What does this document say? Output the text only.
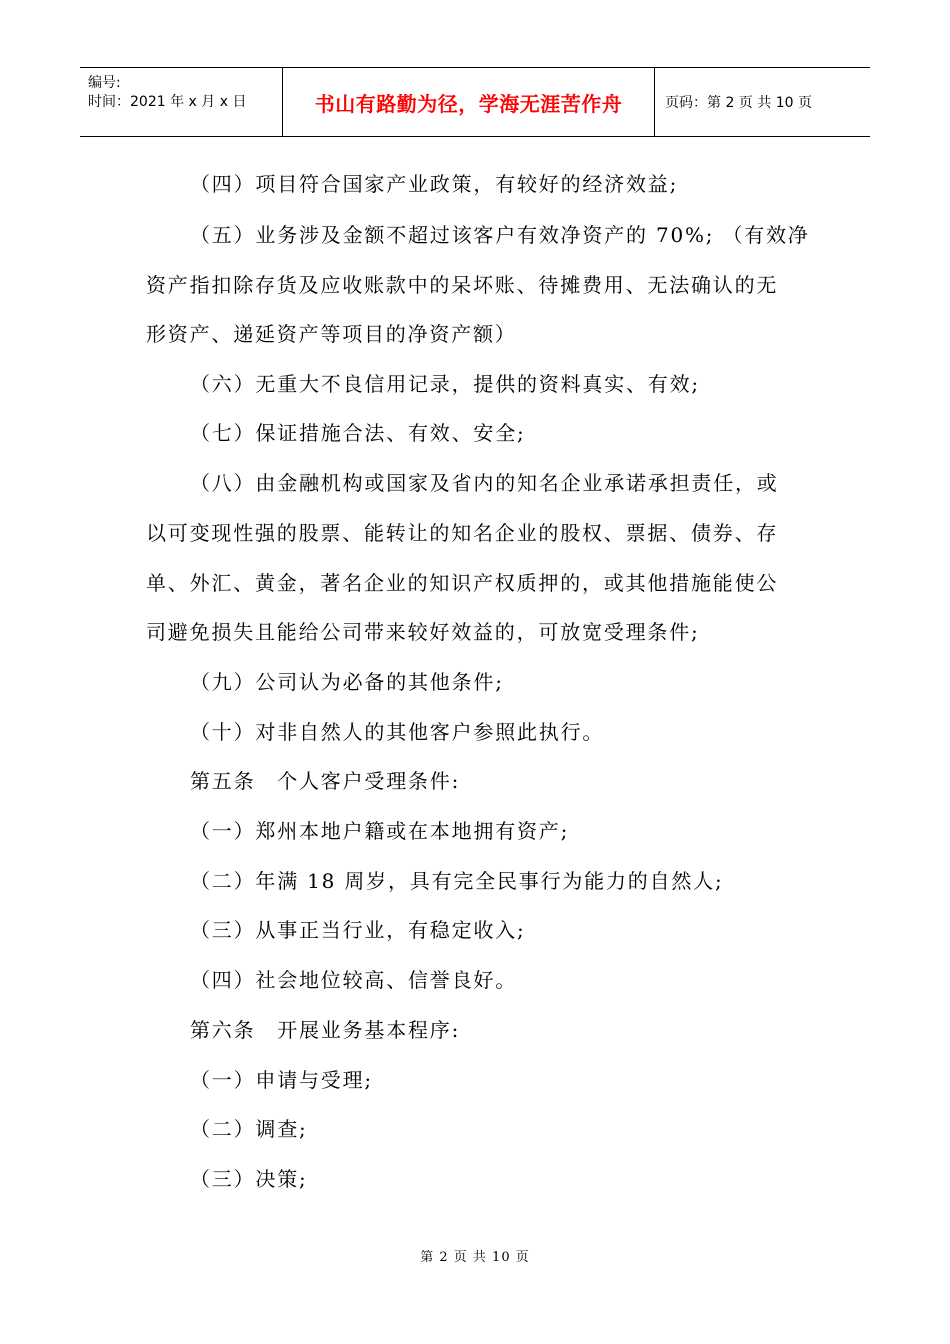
编号:
时间：2021 年 x 月 x 日	书山有路勤为径，学海无涯苦作舟	页码：第 2 页 共 10 页
（四）项目符合国家产业政策，有较好的经济效益;
（五）业务涉及金额不超过该客户有效净资产的 70%; （有效净
资产指扣除存货及应收账款中的呆坏账、待摊费用、无法确认的无
形资产、递延资产等项目的净资产额）
（六）无重大不良信用记录，提供的资料真实、有效;
（七）保证措施合法、有效、安全;
（八）由金融机构或国家及省内的知名企业承诺承担责任，或
以可变现性强的股票、能转让的知名企业的股权、票据、债券、存
单、外汇、黄金，著名企业的知识产权质押的，或其他措施能使公
司避免损失且能给公司带来较好效益的，可放宽受理条件;
（九）公司认为必备的其他条件;
（十）对非自然人的其他客户参照此执行。
第五条　个人客户受理条件:
（一）郑州本地户籍或在本地拥有资产;
（二）年满 18 周岁，具有完全民事行为能力的自然人;
（三）从事正当行业，有稳定收入;
（四）社会地位较高、信誉良好。
第六条　开展业务基本程序:
（一）申请与受理;
（二）调查;
（三）决策;
第 2 页 共 10 页
